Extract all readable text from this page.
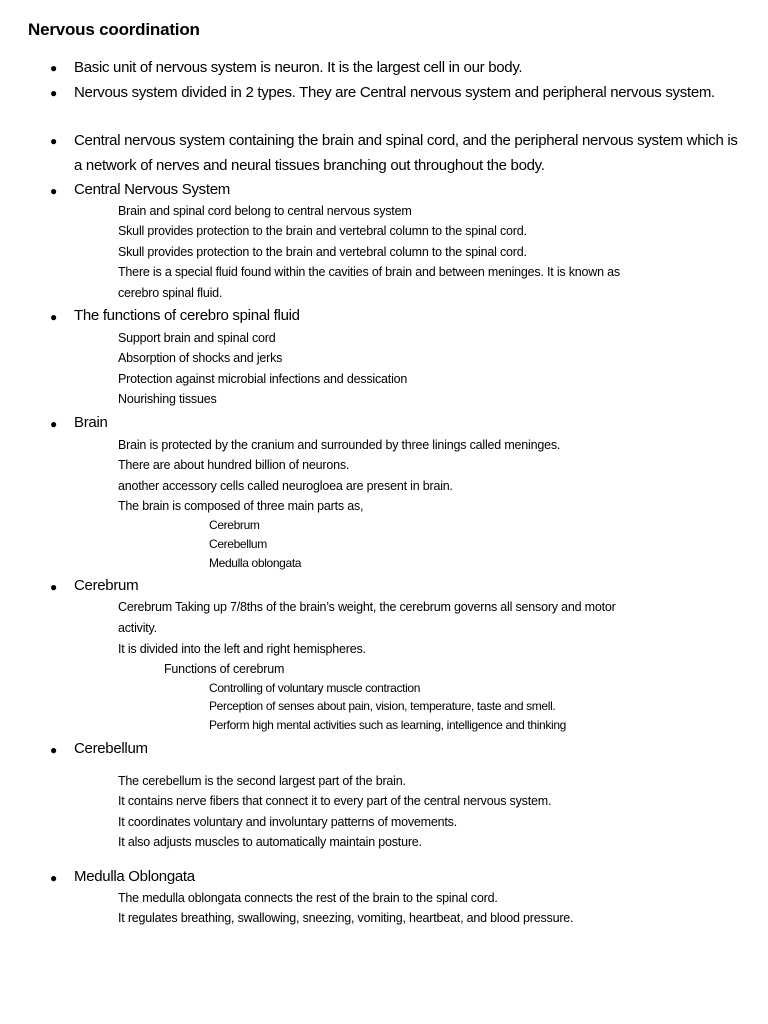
Nervous coordination
● Basic unit of nervous system is neuron. It is the largest cell in our body.
● Nervous system divided in 2 types. They are Central nervous system and peripheral nervous system.
● Central nervous system containing the brain and spinal cord, and the peripheral nervous system which is a network of nerves and neural tissues branching out throughout the body.
● Central Nervous System
Brain and spinal cord belong to central nervous system
Skull provides protection to the brain and vertebral column to the spinal cord.
Skull provides protection to the brain and vertebral column to the spinal cord.
There is a special fluid found within the cavities of brain and between meninges. It is known as
cerebro spinal fluid.
● The functions of cerebro spinal fluid
Support brain and spinal cord
Absorption of shocks and jerks
Protection against microbial infections and dessication
Nourishing tissues
● Brain
Brain is protected by the cranium and surrounded by three linings called meninges.
There are about hundred billion of neurons.
another accessory cells called neurogloea are present in brain.
The brain is composed of three main parts as,
Cerebrum
Cerebellum
Medulla oblongata
● Cerebrum
Cerebrum Taking up 7/8ths of the brain’s weight, the cerebrum governs all sensory and motor
activity.
It is divided into the left and right hemispheres.
Functions of cerebrum
Controlling of voluntary muscle contraction
Perception of senses about pain, vision, temperature, taste and smell.
Perform high mental activities such as learning, intelligence and thinking
● Cerebellum
The cerebellum is the second largest part of the brain.
It contains nerve fibers that connect it to every part of the central nervous system.
It coordinates voluntary and involuntary patterns of movements.
It also adjusts muscles to automatically maintain posture.
● Medulla Oblongata
The medulla oblongata connects the rest of the brain to the spinal cord.
It regulates breathing, swallowing, sneezing, vomiting, heartbeat, and blood pressure.
